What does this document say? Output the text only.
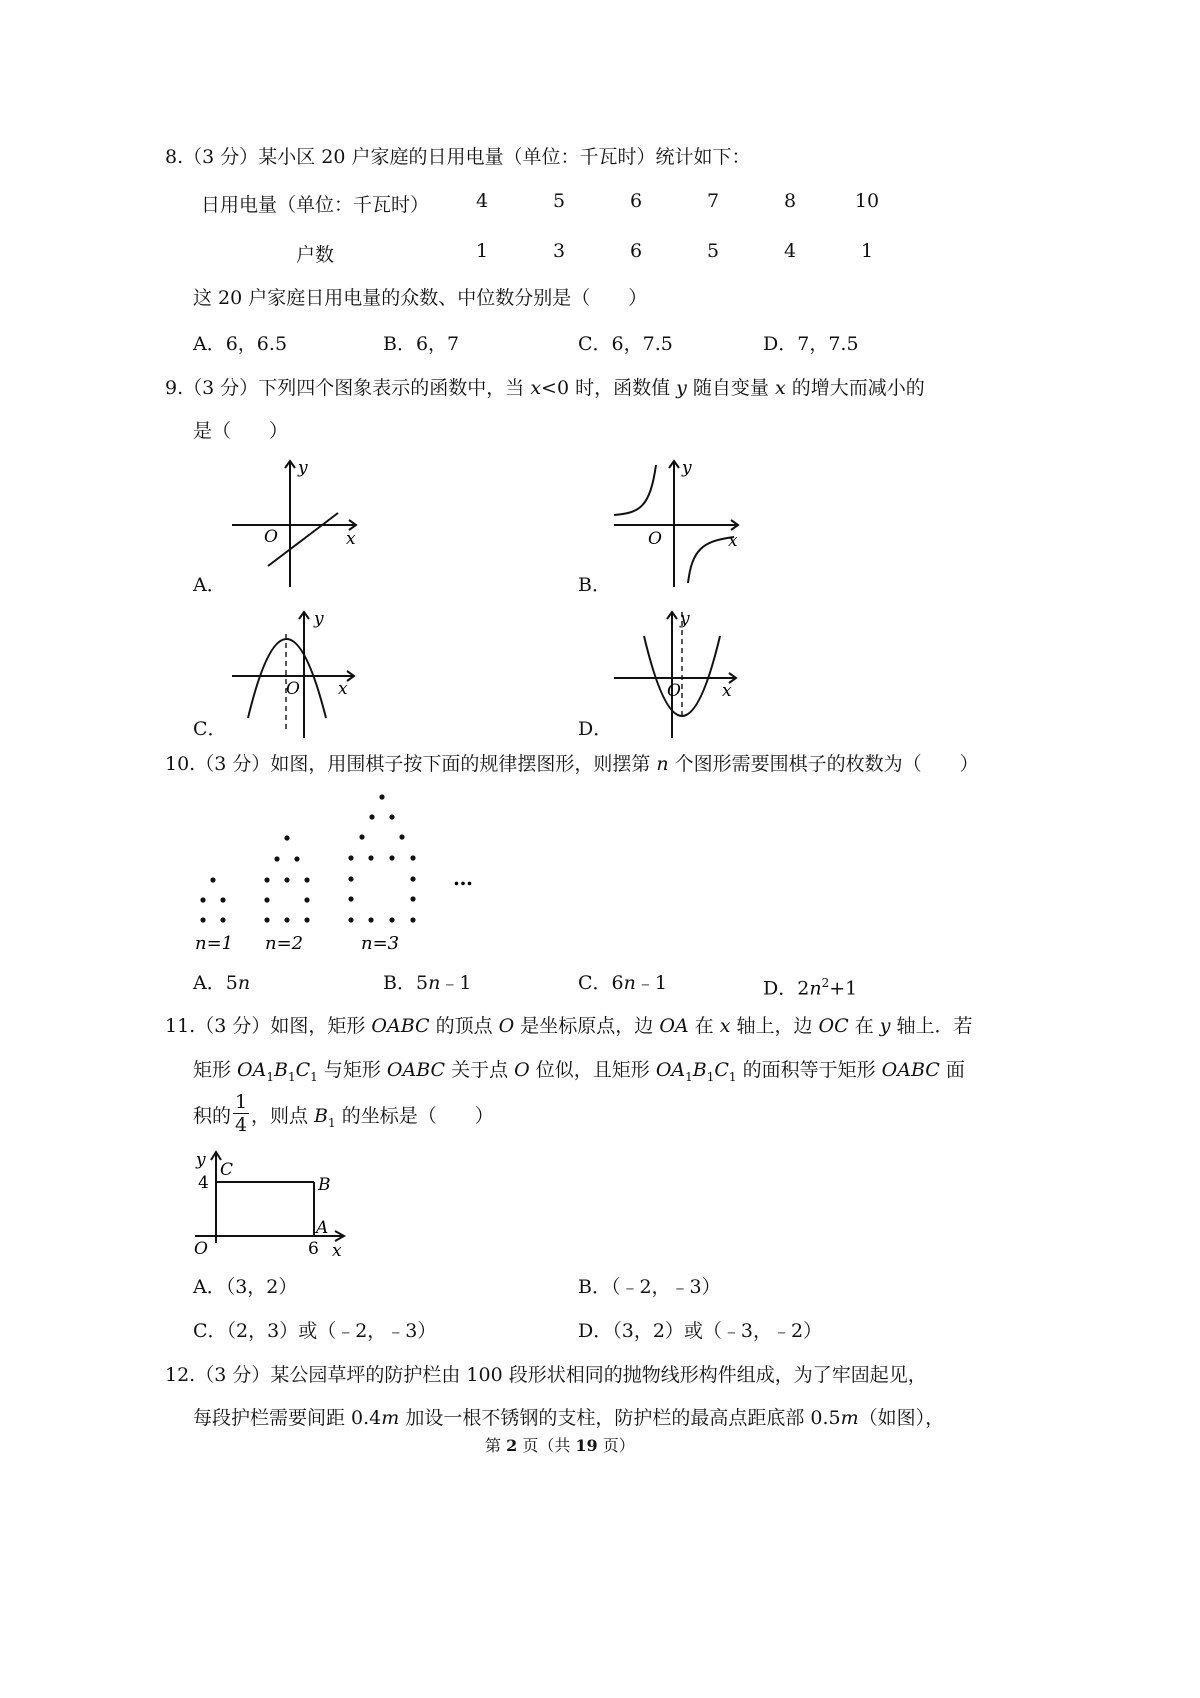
8.（3 分）某小区 20 户家庭的日用电量（单位：千瓦时）统计如下：
日用电量（单位：千瓦时） 4	5	6	7	8	10
户数	1	3	6	5	4	1
这 20 户家庭日用电量的众数、中位数分别是（　　）
A．6，6.5	B．6，7	C．6，7.5	D．7，7.5
9.（3 分）下列四个图象表示的函数中，当 x<0 时，函数值 y 随自变量 x 的增大而减小的
是（　　）
y
x
O
A．
y
x
O
B．
y
x
O
C．
y
x
O
D．
10.（3 分）如图，用围棋子按下面的规律摆图形，则摆第 n 个图形需要围棋子的枚数为（　　）
n=1 n=2	n=3
…
A．5n	B．5n﹣1	C．6n﹣1	D．$2n^2+1$
11.（3 分）如图，矩形 OABC 的顶点 O 是坐标原点，边 OA 在 x 轴上，边 OC 在 y 轴上．若
矩形 $OA_1B_1C_1$ 与矩形 OABC 关于点 O 位似，且矩形 $OA_1B_1C_1$ 的面积等于矩形 OABC 面
积的 $\frac{1}{4}$ ，则点 $B_1$ 的坐标是（　　）
y C
4	B
A
O	6 x
A．（3，2）	B．（﹣2，﹣3）
C．（2，3）或（﹣2，﹣3）	D．（3，2）或（﹣3，﹣2）
12.（3 分）某公园草坪的防护栏由 100 段形状相同的抛物线形构件组成，为了牢固起见，
每段护栏需要间距 0.4m 加设一根不锈钢的支柱，防护栏的最高点距底部 0.5m（如图），
第 2 页（共 19 页）
